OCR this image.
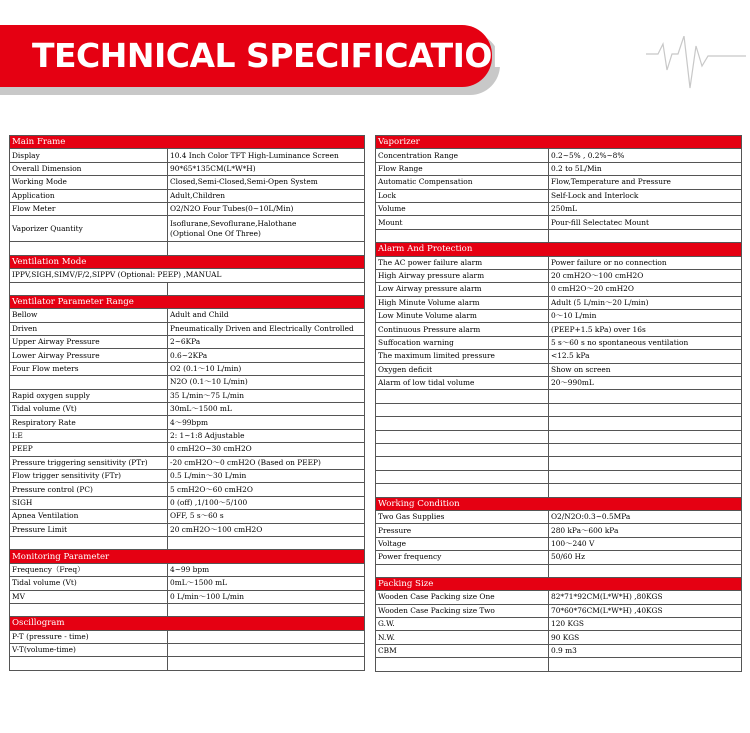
TECHNICAL SPECIFICATION
Main Frame	
Display	10.4 Inch Color TFT High-Luminance Screen
Overall Dimension	90*65*135CM(L*W*H)
Working Mode	Closed,Semi-Closed,Semi-Open System
Application	Adult,Children
Flow Meter	O2/N2O Four Tubes(0~10L/Min)
Vaporizer Quantity	Isoflurane,Sevoflurane,Halothane
(Optional One Of Three)

Ventilation Mode	
IPPV,SIGH,SIMV/F/2,SIPPV (Optional: PEEP) ,MANUAL	

Ventilator Parameter Range	
Bellow	Adult and Child
Driven	Pneumatically Driven and Electrically Controlled
Upper Airway Pressure	2~6KPa
Lower Airway Pressure	0.6~2KPa
Four Flow meters	O2 (0.1～10 L/min)
	N2O (0.1～10 L/min)
Rapid oxygen supply	35 L/min～75 L/min
Tidal volume (Vt)	30mL～1500 mL
Respiratory Rate	4～99bpm
I:E	2: 1~1:8 Adjustable
PEEP	0 cmH2O~30 cmH2O
Pressure triggering sensitivity (PTr)	-20 cmH2O～0 cmH2O (Based on PEEP)
Flow trigger sensitivity (FTr)	0.5 L/min～30 L/min
Pressure control (PC)	5 cmH2O～60 cmH2O
SIGH	0 (off) ,1/100～5/100
Apnea Ventilation	OFF, 5 s～60 s
Pressure Limit	20 cmH2O～100 cmH2O

Monitoring Parameter	
Frequency（Freq）	4~99 bpm
Tidal volume (Vt)	0mL～1500 mL
MV	0 L/min～100 L/min

Oscillogram	
P-T (pressure - time)	
V-T(volume-time)	

Vaporizer	
Concentration Range	0.2~5% , 0.2%~8%
Flow Range	0.2 to 5L/Min
Automatic Compensation	Flow,Temperature and Pressure
Lock	Self-Lock and Interlock
Volume	250mL
Mount	Pour-fill Selectatec Mount

Alarm And Protection	
The AC power failure alarm	Power failure or no connection
High Airway pressure alarm	20 cmH2O～100 cmH2O
Low Airway pressure alarm	0 cmH2O～20 cmH2O
High Minute Volume alarm	Adult (5 L/min～20 L/min)
Low Minute Volume alarm	0～10 L/min
Continuous Pressure alarm	(PEEP+1.5 kPa) over 16s
Suffocation warning	5 s～60 s no spontaneous ventilation
The maximum limited pressure	<12.5 kPa
Oxygen deficit	Show on screen
Alarm of low tidal volume	20～990mL

Working Condition	
Two Gas Supplies	O2/N2O:0.3~0.5MPa
Pressure	280 kPa～600 kPa
Voltage	100～240 V
Power frequency	50/60 Hz

Packing Size	
Wooden Case Packing size One	82*71*92CM(L*W*H) ,80KGS
Wooden Case Packing size Two	70*60*76CM(L*W*H) ,40KGS
G.W.	120 KGS
N.W.	90 KGS
CBM	0.9 m3
